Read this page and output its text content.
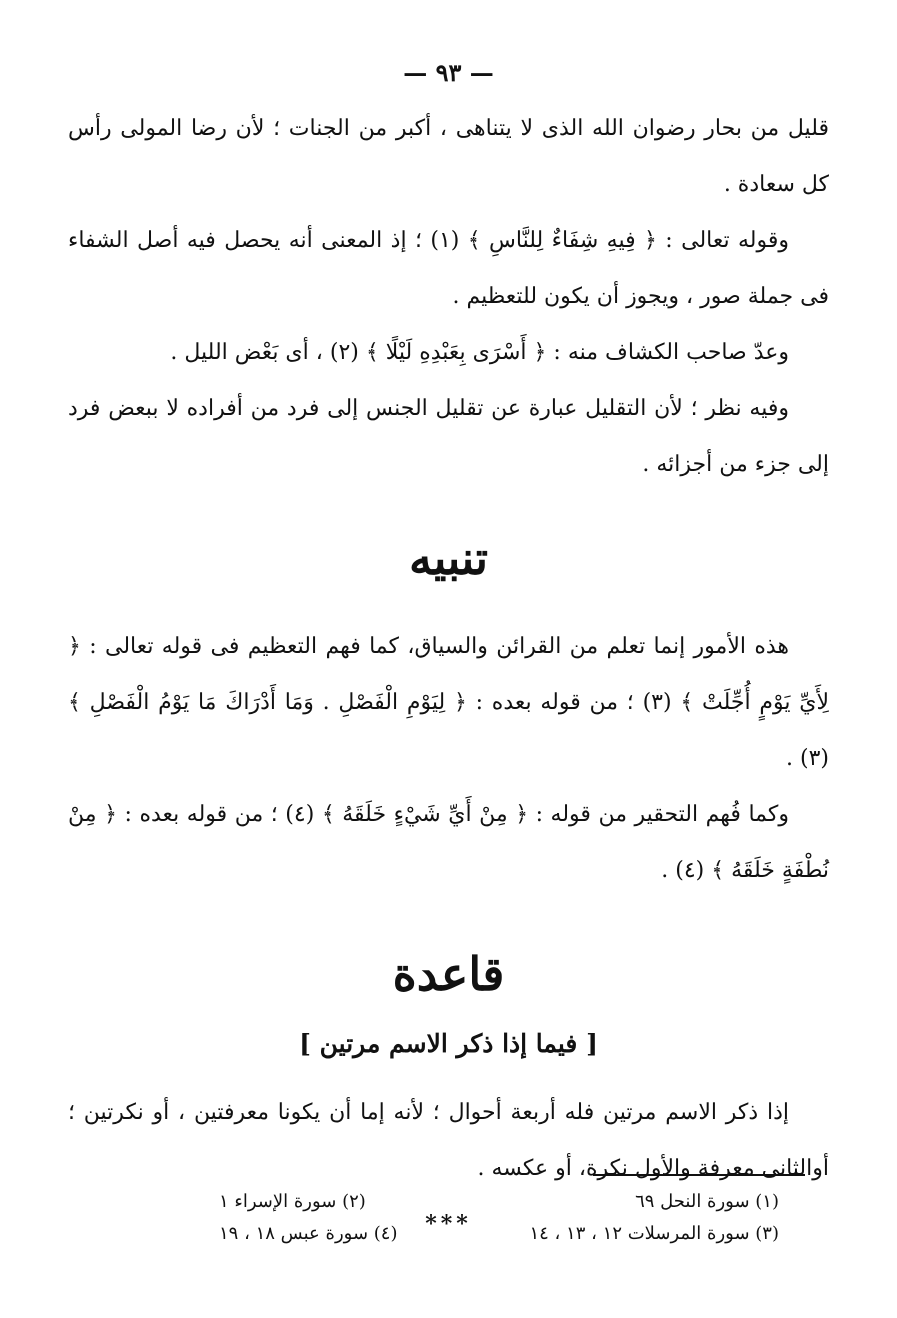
— ٩٣ —

قليل من بحار رضوان الله الذى لا يتناهى ، أكبر من الجنات ؛ لأن رضا المولى رأس كل سعادة .

وقوله تعالى : ﴿ فِيهِ شِفَاءٌ لِلنَّاسِ ﴾ (١) ؛ إذ المعنى أنه يحصل فيه أصل الشفاء فى جملة صور ، ويجوز أن يكون للتعظيم .

وعدّ صاحب الكشاف منه : ﴿ أَسْرَى بِعَبْدِهِ لَيْلًا ﴾ (٢) ، أى بَعْض الليل .

وفيه نظر ؛ لأن التقليل عبارة عن تقليل الجنس إلى فرد من أفراده لا ببعض فرد إلى جزء من أجزائه .

تنبيه

هذه الأمور إنما تعلم من القرائن والسياق، كما فهم التعظيم فى قوله تعالى : ﴿ لِأَيِّ يَوْمٍ أُجِّلَتْ ﴾ (٣) ؛ من قوله بعده : ﴿ لِيَوْمِ الْفَصْلِ . وَمَا أَدْرَاكَ مَا يَوْمُ الْفَصْلِ ﴾ (٣) .

وكما فُهم التحقير من قوله : ﴿ مِنْ أَيِّ شَيْءٍ خَلَقَهُ ﴾ (٤) ؛ من قوله بعده : ﴿ مِنْ نُطْفَةٍ خَلَقَهُ ﴾ (٤) .

قاعدة
[ فيما إذا ذكر الاسم مرتين ]

إذا ذكر الاسم مرتين فله أربعة أحوال ؛ لأنه إما أن يكونا معرفتين ، أو نكرتين ؛ أوالثانى معرفة والأول نكرة، أو عكسه .

***
(١) سورة النحل ٦٩
(٢) سورة الإسراء ١
(٣) سورة المرسلات ١٢ ، ١٣ ، ١٤
(٤) سورة عبس ١٨ ، ١٩
